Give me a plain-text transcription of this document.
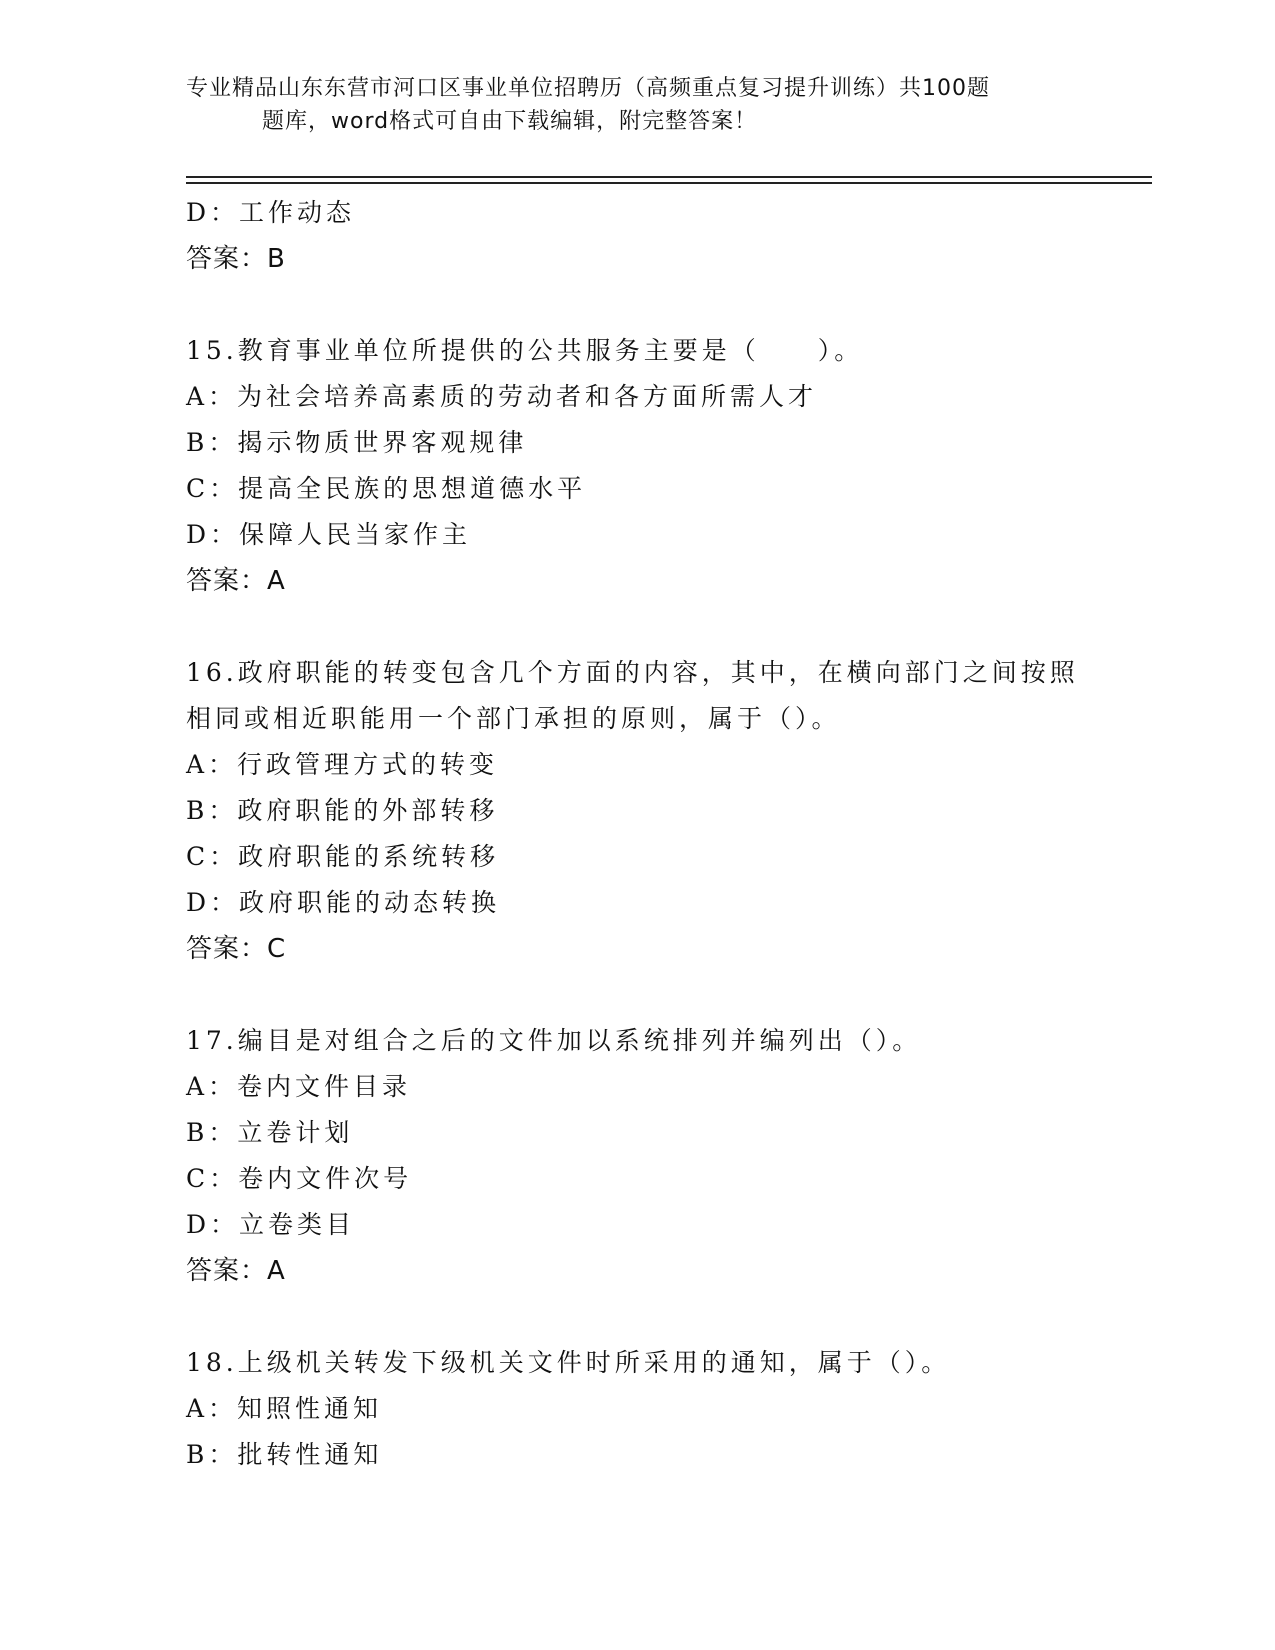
专业精品山东东营市河口区事业单位招聘历（高频重点复习提升训练）共100题
题库，word格式可自由下载编辑，附完整答案！
D：工作动态
答案：B
15.教育事业单位所提供的公共服务主要是（　　）。
A：为社会培养高素质的劳动者和各方面所需人才
B：揭示物质世界客观规律
C：提高全民族的思想道德水平
D：保障人民当家作主
答案：A
16.政府职能的转变包含几个方面的内容，其中，在横向部门之间按照
相同或相近职能用一个部门承担的原则，属于（）。
A：行政管理方式的转变
B：政府职能的外部转移
C：政府职能的系统转移
D：政府职能的动态转换
答案：C
17.编目是对组合之后的文件加以系统排列并编列出（）。
A：卷内文件目录
B：立卷计划
C：卷内文件次号
D：立卷类目
答案：A
18.上级机关转发下级机关文件时所采用的通知，属于（）。
A：知照性通知
B：批转性通知
